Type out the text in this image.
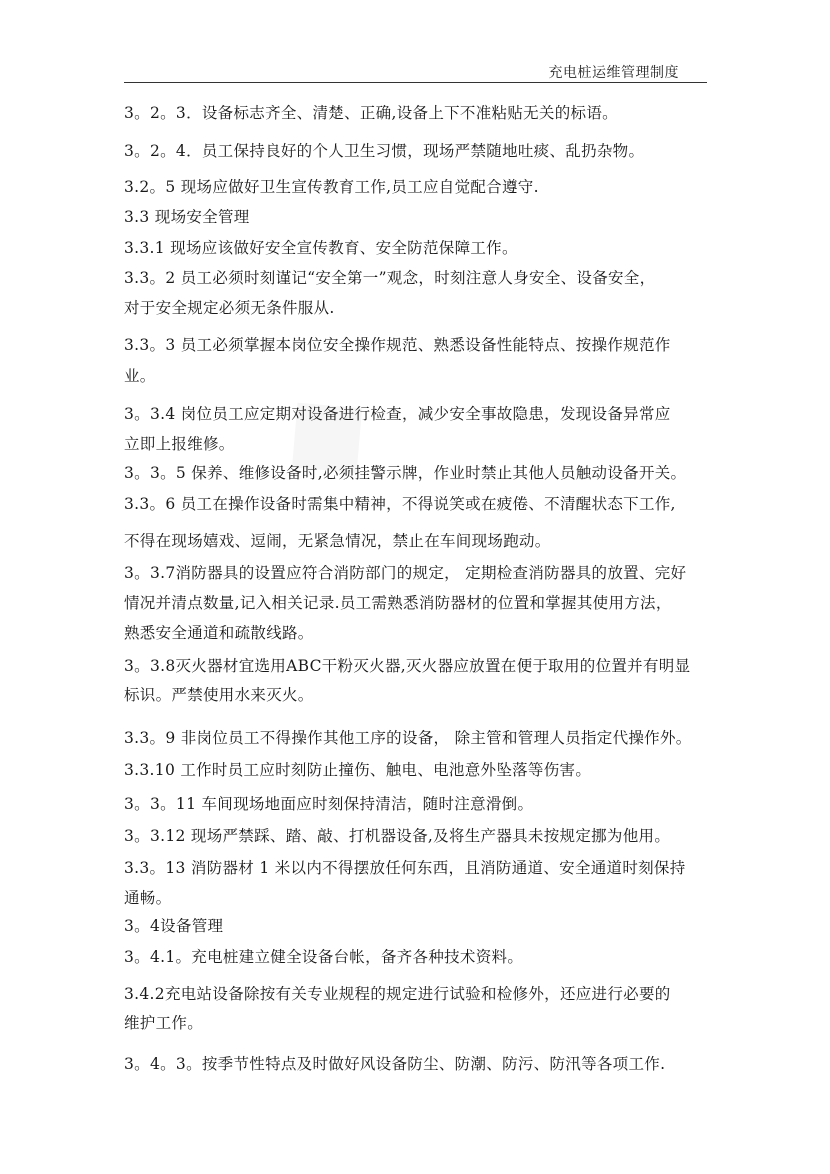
充电桩运维管理制度
3。2。3．设备标志齐全、清楚、正确,设备上下不准粘贴无关的标语。
3。2。4．员工保持良好的个人卫生习惯，现场严禁随地吐痰、乱扔杂物。
3.2。5 现场应做好卫生宣传教育工作,员工应自觉配合遵守.
3.3 现场安全管理
3.3.1 现场应该做好安全宣传教育、安全防范保障工作。
3.3。2 员工必须时刻谨记“安全第一”观念，时刻注意人身安全、设备安全，
对于安全规定必须无条件服从.
3.3。3 员工必须掌握本岗位安全操作规范、熟悉设备性能特点、按操作规范作
业。
3。3.4 岗位员工应定期对设备进行检查，减少安全事故隐患，发现设备异常应
立即上报维修。
3。3。5 保养、维修设备时,必须挂警示牌，作业时禁止其他人员触动设备开关。
3.3。6 员工在操作设备时需集中精神，不得说笑或在疲倦、不清醒状态下工作,
不得在现场嬉戏、逗闹，无紧急情况，禁止在车间现场跑动。
3。3.7消防器具的设置应符合消防部门的规定， 定期检查消防器具的放置、完好
情况并清点数量,记入相关记录.员工需熟悉消防器材的位置和掌握其使用方法，
熟悉安全通道和疏散线路。
3。3.8灭火器材宜选用ABC干粉灭火器,灭火器应放置在便于取用的位置并有明显
标识。严禁使用水来灭火。
3.3。9 非岗位员工不得操作其他工序的设备， 除主管和管理人员指定代操作外。
3.3.10 工作时员工应时刻防止撞伤、触电、电池意外坠落等伤害。
3。3。11 车间现场地面应时刻保持清洁，随时注意滑倒。
3。3.12 现场严禁踩、踏、敲、打机器设备,及将生产器具未按规定挪为他用。
3.3。13 消防器材 1 米以内不得摆放任何东西，且消防通道、安全通道时刻保持
通畅。
3。4设备管理
3。4.1。充电桩建立健全设备台帐，备齐各种技术资料。
3.4.2充电站设备除按有关专业规程的规定进行试验和检修外，还应进行必要的
维护工作。
3。4。3。按季节性特点及时做好风设备防尘、防潮、防污、防汛等各项工作.
